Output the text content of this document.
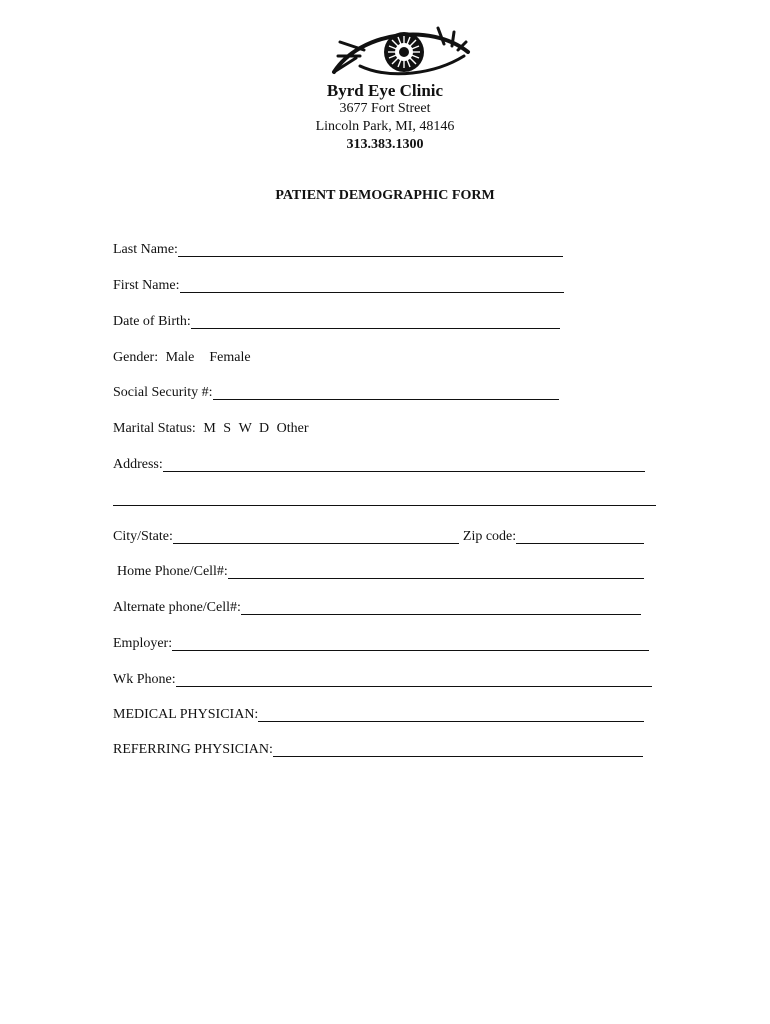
Byrd Eye Clinic
3677 Fort Street
Lincoln Park, MI, 48146
313.383.1300
PATIENT DEMOGRAPHIC FORM
Last Name:
First Name:
Date of Birth:
Gender: Male Female
Social Security #:
Marital Status: M S W D Other
Address:
City/State:	Zip code:
Home Phone/Cell#:
Alternate phone/Cell#:
Employer:
Wk Phone:
MEDICAL PHYSICIAN:
REFERRING PHYSICIAN:
